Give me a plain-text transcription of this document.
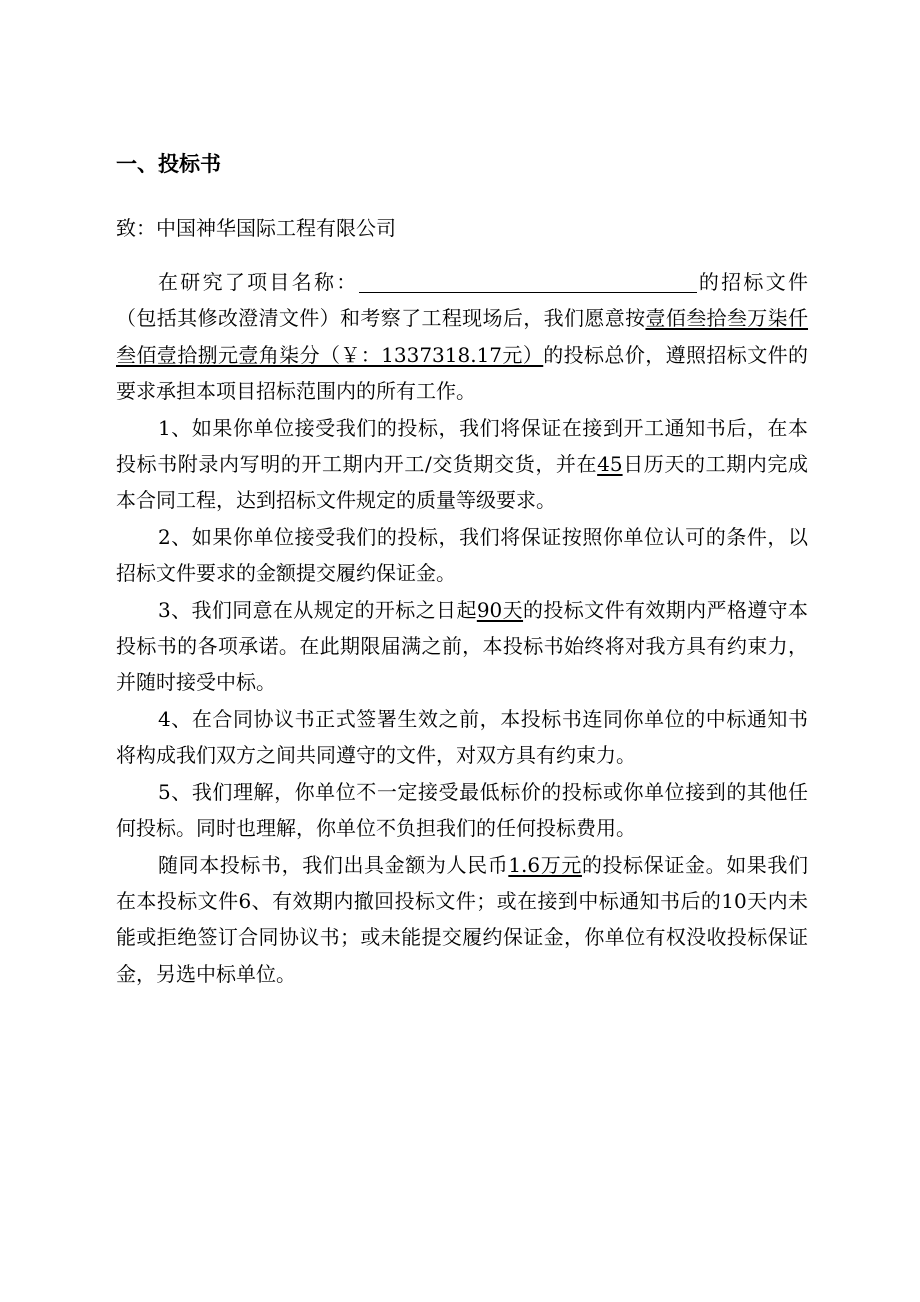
一、投标书
致：中国神华国际工程有限公司

在研究了项目名称：	的招标文件（包括其修改澄清文件）和考察了工程现场后，我们愿意按壹佰叁拾叁万柒仟叁佰壹拾捌元壹角柒分（￥：1337318.17元）的投标总价，遵照招标文件的要求承担本项目招标范围内的所有工作。

1、如果你单位接受我们的投标，我们将保证在接到开工通知书后，在本投标书附录内写明的开工期内开工/交货期交货，并在45日历天的工期内完成本合同工程，达到招标文件规定的质量等级要求。

2、如果你单位接受我们的投标，我们将保证按照你单位认可的条件，以招标文件要求的金额提交履约保证金。

3、我们同意在从规定的开标之日起90天的投标文件有效期内严格遵守本投标书的各项承诺。在此期限届满之前，本投标书始终将对我方具有约束力，并随时接受中标。

4、在合同协议书正式签署生效之前，本投标书连同你单位的中标通知书将构成我们双方之间共同遵守的文件，对双方具有约束力。

5、我们理解，你单位不一定接受最低标价的投标或你单位接到的其他任何投标。同时也理解，你单位不负担我们的任何投标费用。

随同本投标书，我们出具金额为人民币1.6万元的投标保证金。如果我们在本投标文件6、有效期内撤回投标文件；或在接到中标通知书后的10天内未能或拒绝签订合同协议书；或未能提交履约保证金，你单位有权没收投标保证金，另选中标单位。
